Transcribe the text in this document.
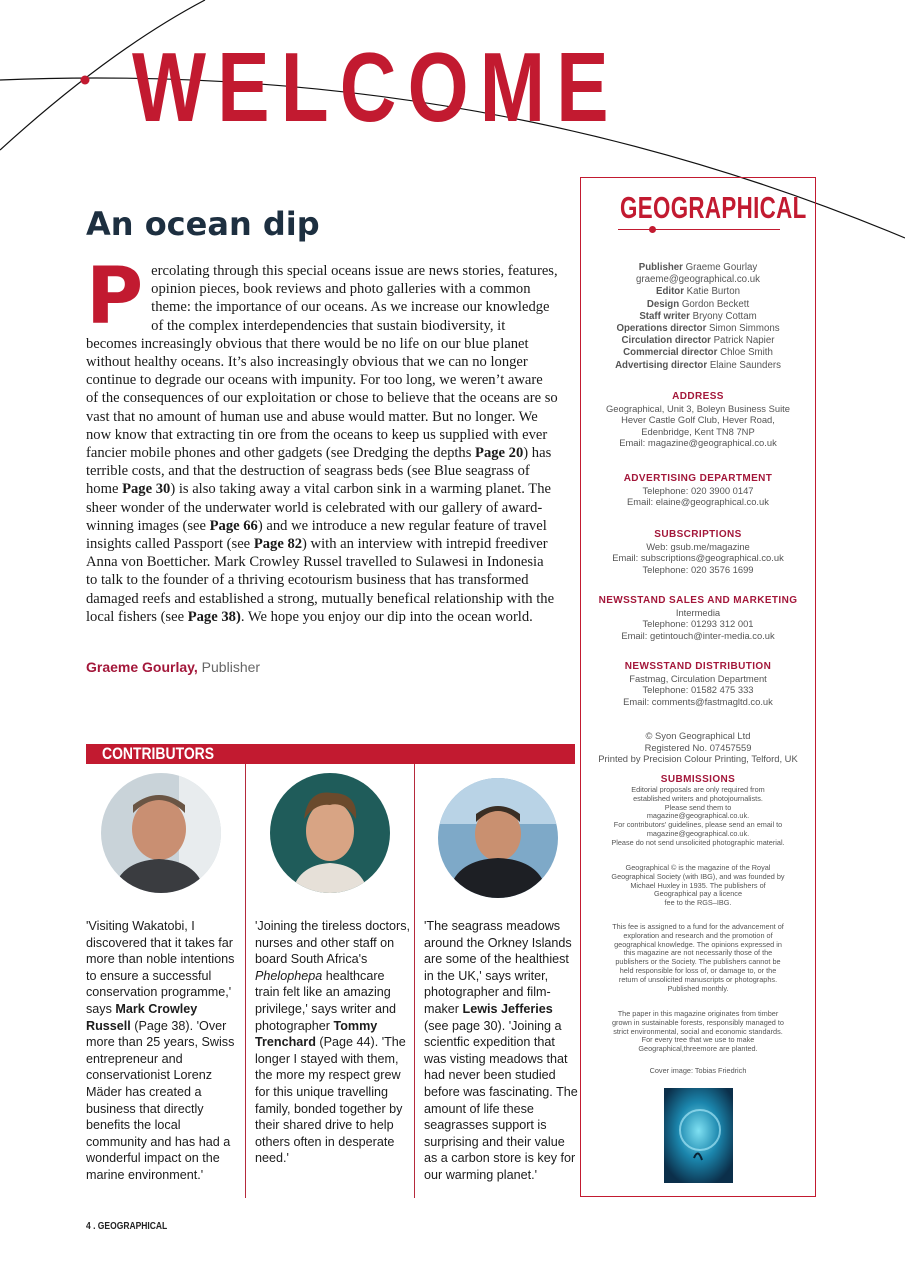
WELCOME
An ocean dip
Percolating through this special oceans issue are news stories, features, opinion pieces, book reviews and photo galleries with a common theme: the importance of our oceans. As we increase our knowledge of the complex interdependencies that sustain biodiversity, it becomes increasingly obvious that there would be no life on our blue planet without healthy oceans. It’s also increasingly obvious that we can no longer continue to degrade our oceans with impunity. For too long, we weren’t aware of the consequences of our exploitation or chose to believe that the oceans are so vast that no amount of human use and abuse would matter. But no longer. We now know that extracting tin ore from the oceans to keep us supplied with ever fancier mobile phones and other gadgets (see Dredging the depths Page 20) has terrible costs, and that the destruction of seagrass beds (see Blue seagrass of home Page 30) is also taking away a vital carbon sink in a warming planet. The sheer wonder of the underwater world is celebrated with our gallery of award-winning images (see Page 66) and we introduce a new regular feature of travel insights called Passport (see Page 82) with an interview with intrepid freediver Anna von Boetticher. Mark Crowley Russel travelled to Sulawesi in Indonesia to talk to the founder of a thriving ecotourism business that has transformed damaged reefs and established a strong, mutually benefical relationship with the local fishers (see Page 38). We hope you enjoy our dip into the ocean world.
Graeme Gourlay, Publisher
CONTRIBUTORS
'Visiting Wakatobi, I discovered that it takes far more than noble intentions to ensure a successful conservation programme,' says Mark Crowley Russell (Page 38). 'Over more than 25 years, Swiss entrepreneur and conservationist Lorenz Mäder has created a business that directly benefits the local community and has had a wonderful impact on the marine environment.'
'Joining the tireless doctors, nurses and other staff on board South Africa's Phelophepa healthcare train felt like an amazing privilege,' says writer and photographer Tommy Trenchard (Page 44). 'The longer I stayed with them, the more my respect grew for this unique travelling family, bonded together by their shared drive to help others often in desperate need.'
'The seagrass meadows around the Orkney Islands are some of the healthiest in the UK,' says writer, photographer and film-maker Lewis Jefferies (see page 30). 'Joining a scientfic expedition that was visting meadows that had never been studied before was fascinating. The amount of life these seagrasses support is surprising and their value as a carbon store is key for our warming planet.'
GEOGRAPHICAL
Publisher Graeme Gourlay
graeme@geographical.co.uk
Editor Katie Burton
Design Gordon Beckett
Staff writer Bryony Cottam
Operations director Simon Simmons
Circulation director Patrick Napier
Commercial director Chloe Smith
Advertising director Elaine Saunders
ADDRESS
Geographical, Unit 3, Boleyn Business Suite
Hever Castle Golf Club, Hever Road,
Edenbridge, Kent TN8 7NP
Email: magazine@geographical.co.uk
ADVERTISING DEPARTMENT
Telephone: 020 3900 0147
Email: elaine@geographical.co.uk
SUBSCRIPTIONS
Web: gsub.me/magazine
Email: subscriptions@geographical.co.uk
Telephone: 020 3576 1699
NEWSSTAND SALES AND MARKETING
Intermedia
Telephone: 01293 312 001
Email: getintouch@inter-media.co.uk
NEWSSTAND DISTRIBUTION
Fastmag, Circulation Department
Telephone: 01582 475 333
Email: comments@fastmagltd.co.uk
© Syon Geographical Ltd
Registered No. 07457559
Printed by Precision Colour Printing, Telford, UK
SUBMISSIONS
Editorial proposals are only required from
established writers and photojournalists.
Please send them to
magazine@geographical.co.uk.
For contributors' guidelines, please send an email to
magazine@geographical.co.uk.
Please do not send unsolicited photographic material.
Geographical © is the magazine of the Royal
Geographical Society (with IBG), and was founded by
Michael Huxley in 1935. The publishers of
Geographical pay a licence
fee to the RGS–IBG.
This fee is assigned to a fund for the advancement of
exploration and research and the promotion of
geographical knowledge. The opinions expressed in
this magazine are not necessarily those of the
publishers or the Society. The publishers cannot be
held responsible for loss of, or damage to, or the
return of unsolicited manuscripts or photographs.
Published monthly.
The paper in this magazine originates from timber
grown in sustainable forests, responsibly managed to
strict environmental, social and economic standards.
For every tree that we use to make
Geographical,threemore are planted.
Cover image: Tobias Friedrich
4 . GEOGRAPHICAL
